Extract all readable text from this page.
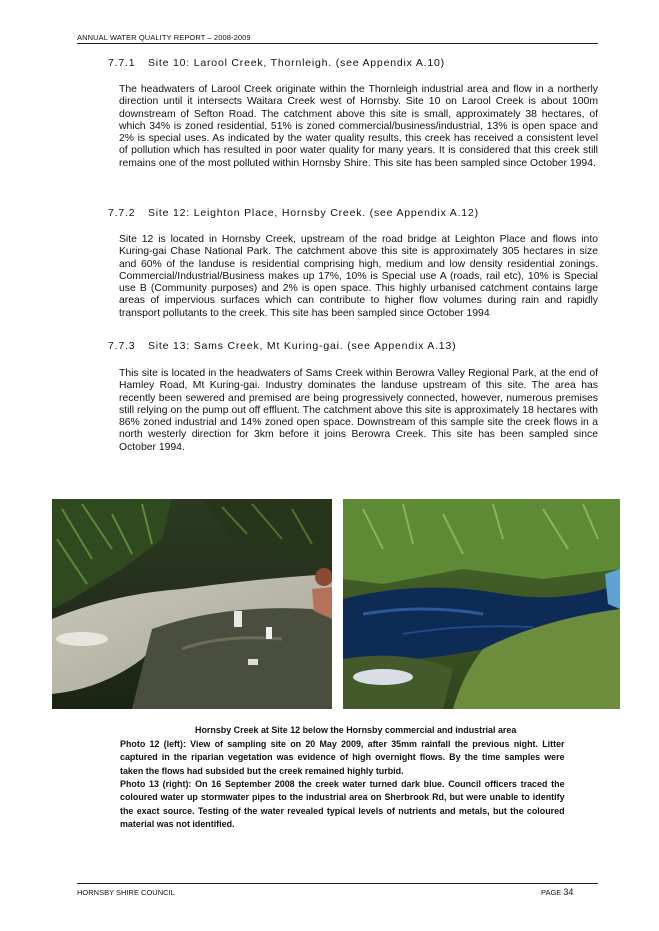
ANNUAL WATER QUALITY REPORT – 2008-2009
7.7.1 Site 10: Larool Creek, Thornleigh. (see Appendix A.10)
The headwaters of Larool Creek originate within the Thornleigh industrial area and flow in a northerly direction until it intersects Waitara Creek west of Hornsby. Site 10 on Larool Creek is about 100m downstream of Sefton Road. The catchment above this site is small, approximately 38 hectares, of which 34% is zoned residential, 51% is zoned commercial/business/industrial, 13% is open space and 2% is special uses. As indicated by the water quality results, this creek has received a consistent level of pollution which has resulted in poor water quality for many years. It is considered that this creek still remains one of the most polluted within Hornsby Shire. This site has been sampled since October 1994.
7.7.2 Site 12: Leighton Place, Hornsby Creek. (see Appendix A.12)
Site 12 is located in Hornsby Creek, upstream of the road bridge at Leighton Place and flows into Kuring-gai Chase National Park. The catchment above this site is approximately 305 hectares in size and 60% of the landuse is residential comprising high, medium and low density residential zonings. Commercial/Industrial/Business makes up 17%, 10% is Special use A (roads, rail etc), 10% is Special use B (Community purposes) and 2% is open space. This highly urbanised catchment contains large areas of impervious surfaces which can contribute to higher flow volumes during rain and rapidly transport pollutants to the creek. This site has been sampled since October 1994
7.7.3 Site 13: Sams Creek, Mt Kuring-gai. (see Appendix A.13)
This site is located in the headwaters of Sams Creek within Berowra Valley Regional Park, at the end of Hamley Road, Mt Kuring-gai. Industry dominates the landuse upstream of this site. The area has recently been sewered and premised are being progressively connected, however, numerous premises still relying on the pump out off effluent. The catchment above this site is approximately 18 hectares with 86% zoned industrial and 14% zoned open space. Downstream of this sample site the creek flows in a north westerly direction for 3km before it joins Berowra Creek. This site has been sampled since October 1994.
Hornsby Creek at Site 12 below the Hornsby commercial and industrial area
Photo 12 (left): View of sampling site on 20 May 2009, after 35mm rainfall the previous night. Litter captured in the riparian vegetation was evidence of high overnight flows. By the time samples were taken the flows had subsided but the creek remained highly turbid.
Photo 13 (right): On 16 September 2008 the creek water turned dark blue. Council officers traced the coloured water up stormwater pipes to the industrial area on Sherbrook Rd, but were unable to identify the exact source. Testing of the water revealed typical levels of nutrients and metals, but the coloured material was not identified.
HORNSBY SHIRE COUNCIL	PAGE 34
